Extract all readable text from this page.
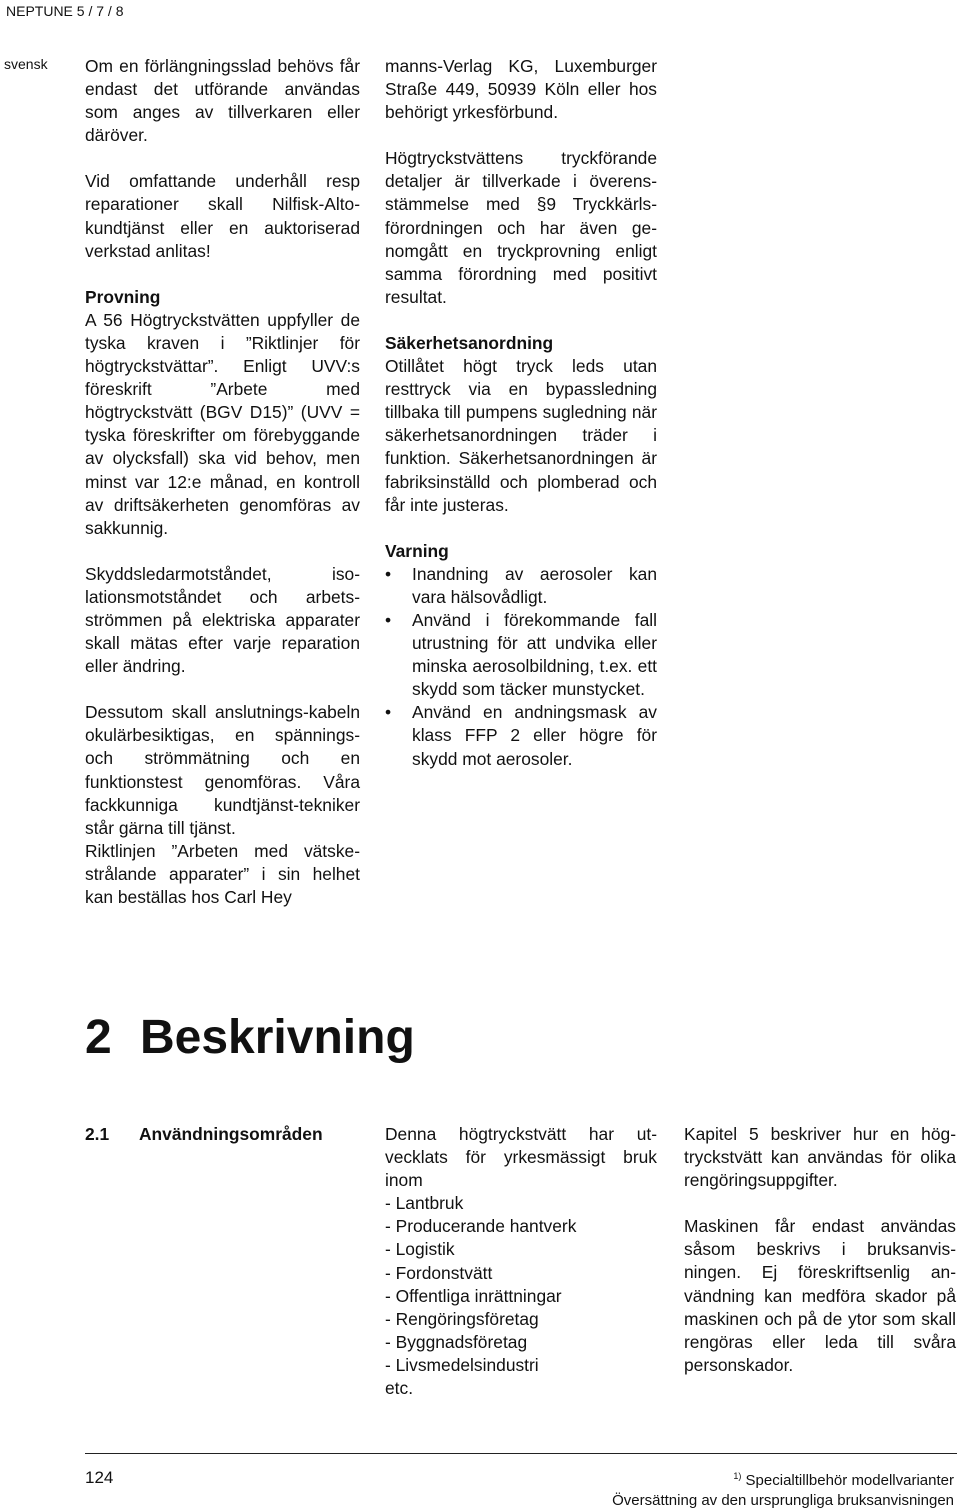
NEPTUNE 5 / 7 / 8
svensk Om en förlängningsslad behövs får endast det utförande användas som anges av tillverkaren eller däröver.

Vid omfattande underhåll resp reparationer skall Nilfisk-Altokundtjänst eller en auktoriserad verkstad anlitas!

Provning

A 56 Högtryckstvätten uppfyller de tyska kraven i ”Riktlinjer för högtryckstvättar”. Enligt UVV:s föreskrift ”Arbete med högtryckstvätt (BGV D15)” (UVV = tyska föreskrifter om förebyggande av olycksfall) ska vid behov, men minst var 12:e månad, en kontroll av driftsäkerheten genomföras av sakkunnig.

Skyddsledarmotståndet, isolationsmotståndet och arbetsströmmen på elektriska apparater skall mätas efter varje reparation eller ändring.

Dessutom skall anslutnings-kabeln okulärbesiktigas, en spännings- och strömmätning och en funktionstest genomföras. Våra fackkunniga kundtjänst-tekniker står gärna till tjänst.

Riktlinjen ”Arbeten med vätskestrålande apparater” i sin helhet kan beställas hos Carl Hey

manns-Verlag KG, Luxemburger Straße 449, 50939 Köln eller hos behörigt yrkesförbund.

Högtryckstvättens tryckförande detaljer är tillverkade i överensstämmelse med §9 Tryckkärlsförordningen och har även genomgått en tryckprovning enligt samma förordning med positivt resultat.

Säkerhetsanordning

Otillåtet högt tryck leds utan resttryck via en bypassledning tillbaka till pumpens sugledning när säkerhetsanordningen träder i funktion. Säkerhetsanordningen är fabriksinställd och plomberad och får inte justeras.

Varning
• Inandning av aerosoler kan vara hälsovådligt.
• Använd i förekommande fall utrustning för att undvika eller minska aerosolbildning, t.ex. ett skydd som täcker munstycket.
• Använd en andningsmask av klass FFP 2 eller högre för skydd mot aerosoler.
2 Beskrivning
2.1 Användningsområden	Denna högtryckstvätt har utvecklats för yrkesmässigt bruk inom

- Lantbruk
- Producerande hantverk
- Logistik
- Fordonstvätt
- Offentliga inrättningar
- Rengöringsföretag
- Byggnadsföretag
- Livsmedelsindustri
etc.

Kapitel 5 beskriver hur en högtryckstvätt kan användas för olika rengöringsuppgifter.

Maskinen får endast användas såsom beskrivs i bruksanvisningen. Ej föreskriftsenlig användning kan medföra skador på maskinen och på de ytor som skall rengöras eller leda till svåra personskador.

124	$^{1)}$ Specialtillbehör modellvarianter
Översättning av den ursprungliga bruksanvisningen
